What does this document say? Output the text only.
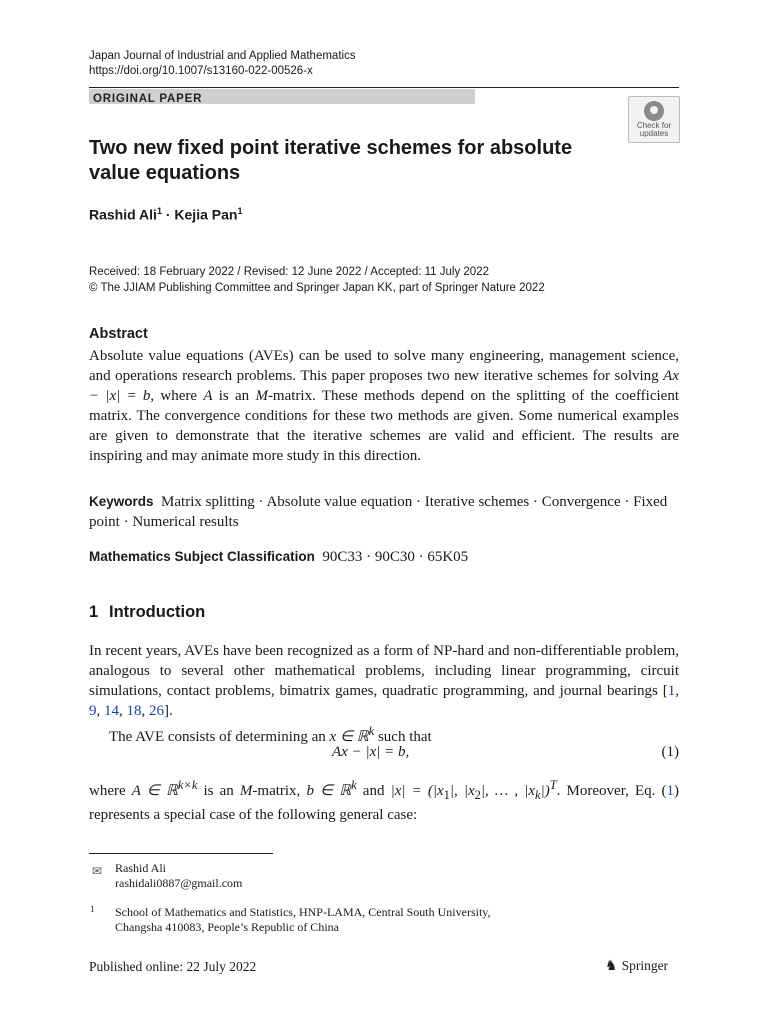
Japan Journal of Industrial and Applied Mathematics
https://doi.org/10.1007/s13160-022-00526-x
ORIGINAL PAPER
Check for
updates
Two new fixed point iterative schemes for absolute value equations
Rashid Ali$^1$ · Kejia Pan$^1$
Received: 18 February 2022 / Revised: 12 June 2022 / Accepted: 11 July 2022
© The JJIAM Publishing Committee and Springer Japan KK, part of Springer Nature 2022
Abstract
Absolute value equations (AVEs) can be used to solve many engineering, management science, and operations research problems. This paper proposes two new iterative schemes for solving Ax − |x| = b, where A is an M-matrix. These methods depend on the splitting of the coefficient matrix. The convergence conditions for these two methods are given. Some numerical examples are given to demonstrate that the iterative schemes are valid and efficient. The results are inspiring and may animate more study in this direction.
Keywords Matrix splitting · Absolute value equation · Iterative schemes · Convergence · Fixed point · Numerical results
Mathematics Subject Classification 90C33 · 90C30 · 65K05
1 Introduction
In recent years, AVEs have been recognized as a form of NP-hard and non-differentiable problem, analogous to several other mathematical problems, including linear programming, circuit simulations, contact problems, bimatrix games, quadratic programming, and journal bearings [1, 9, 14, 18, 26].
The AVE consists of determining an x ∈ ℝ$^k$ such that
Ax − |x| = b,	(1)
where A ∈ ℝ$^{k\times k}$ is an M-matrix, b ∈ ℝ$^k$ and $|x| = (|x_1|$, $|x_2|$, … , $|x_k|)^T$. Moreover, Eq. (1) represents a special case of the following general case:
✉ Rashid Ali
rashidali0887@gmail.com
1 School of Mathematics and Statistics, HNP-LAMA, Central South University,
Changsha 410083, People’s Republic of China
Published online: 22 July 2022	♞ Springer
